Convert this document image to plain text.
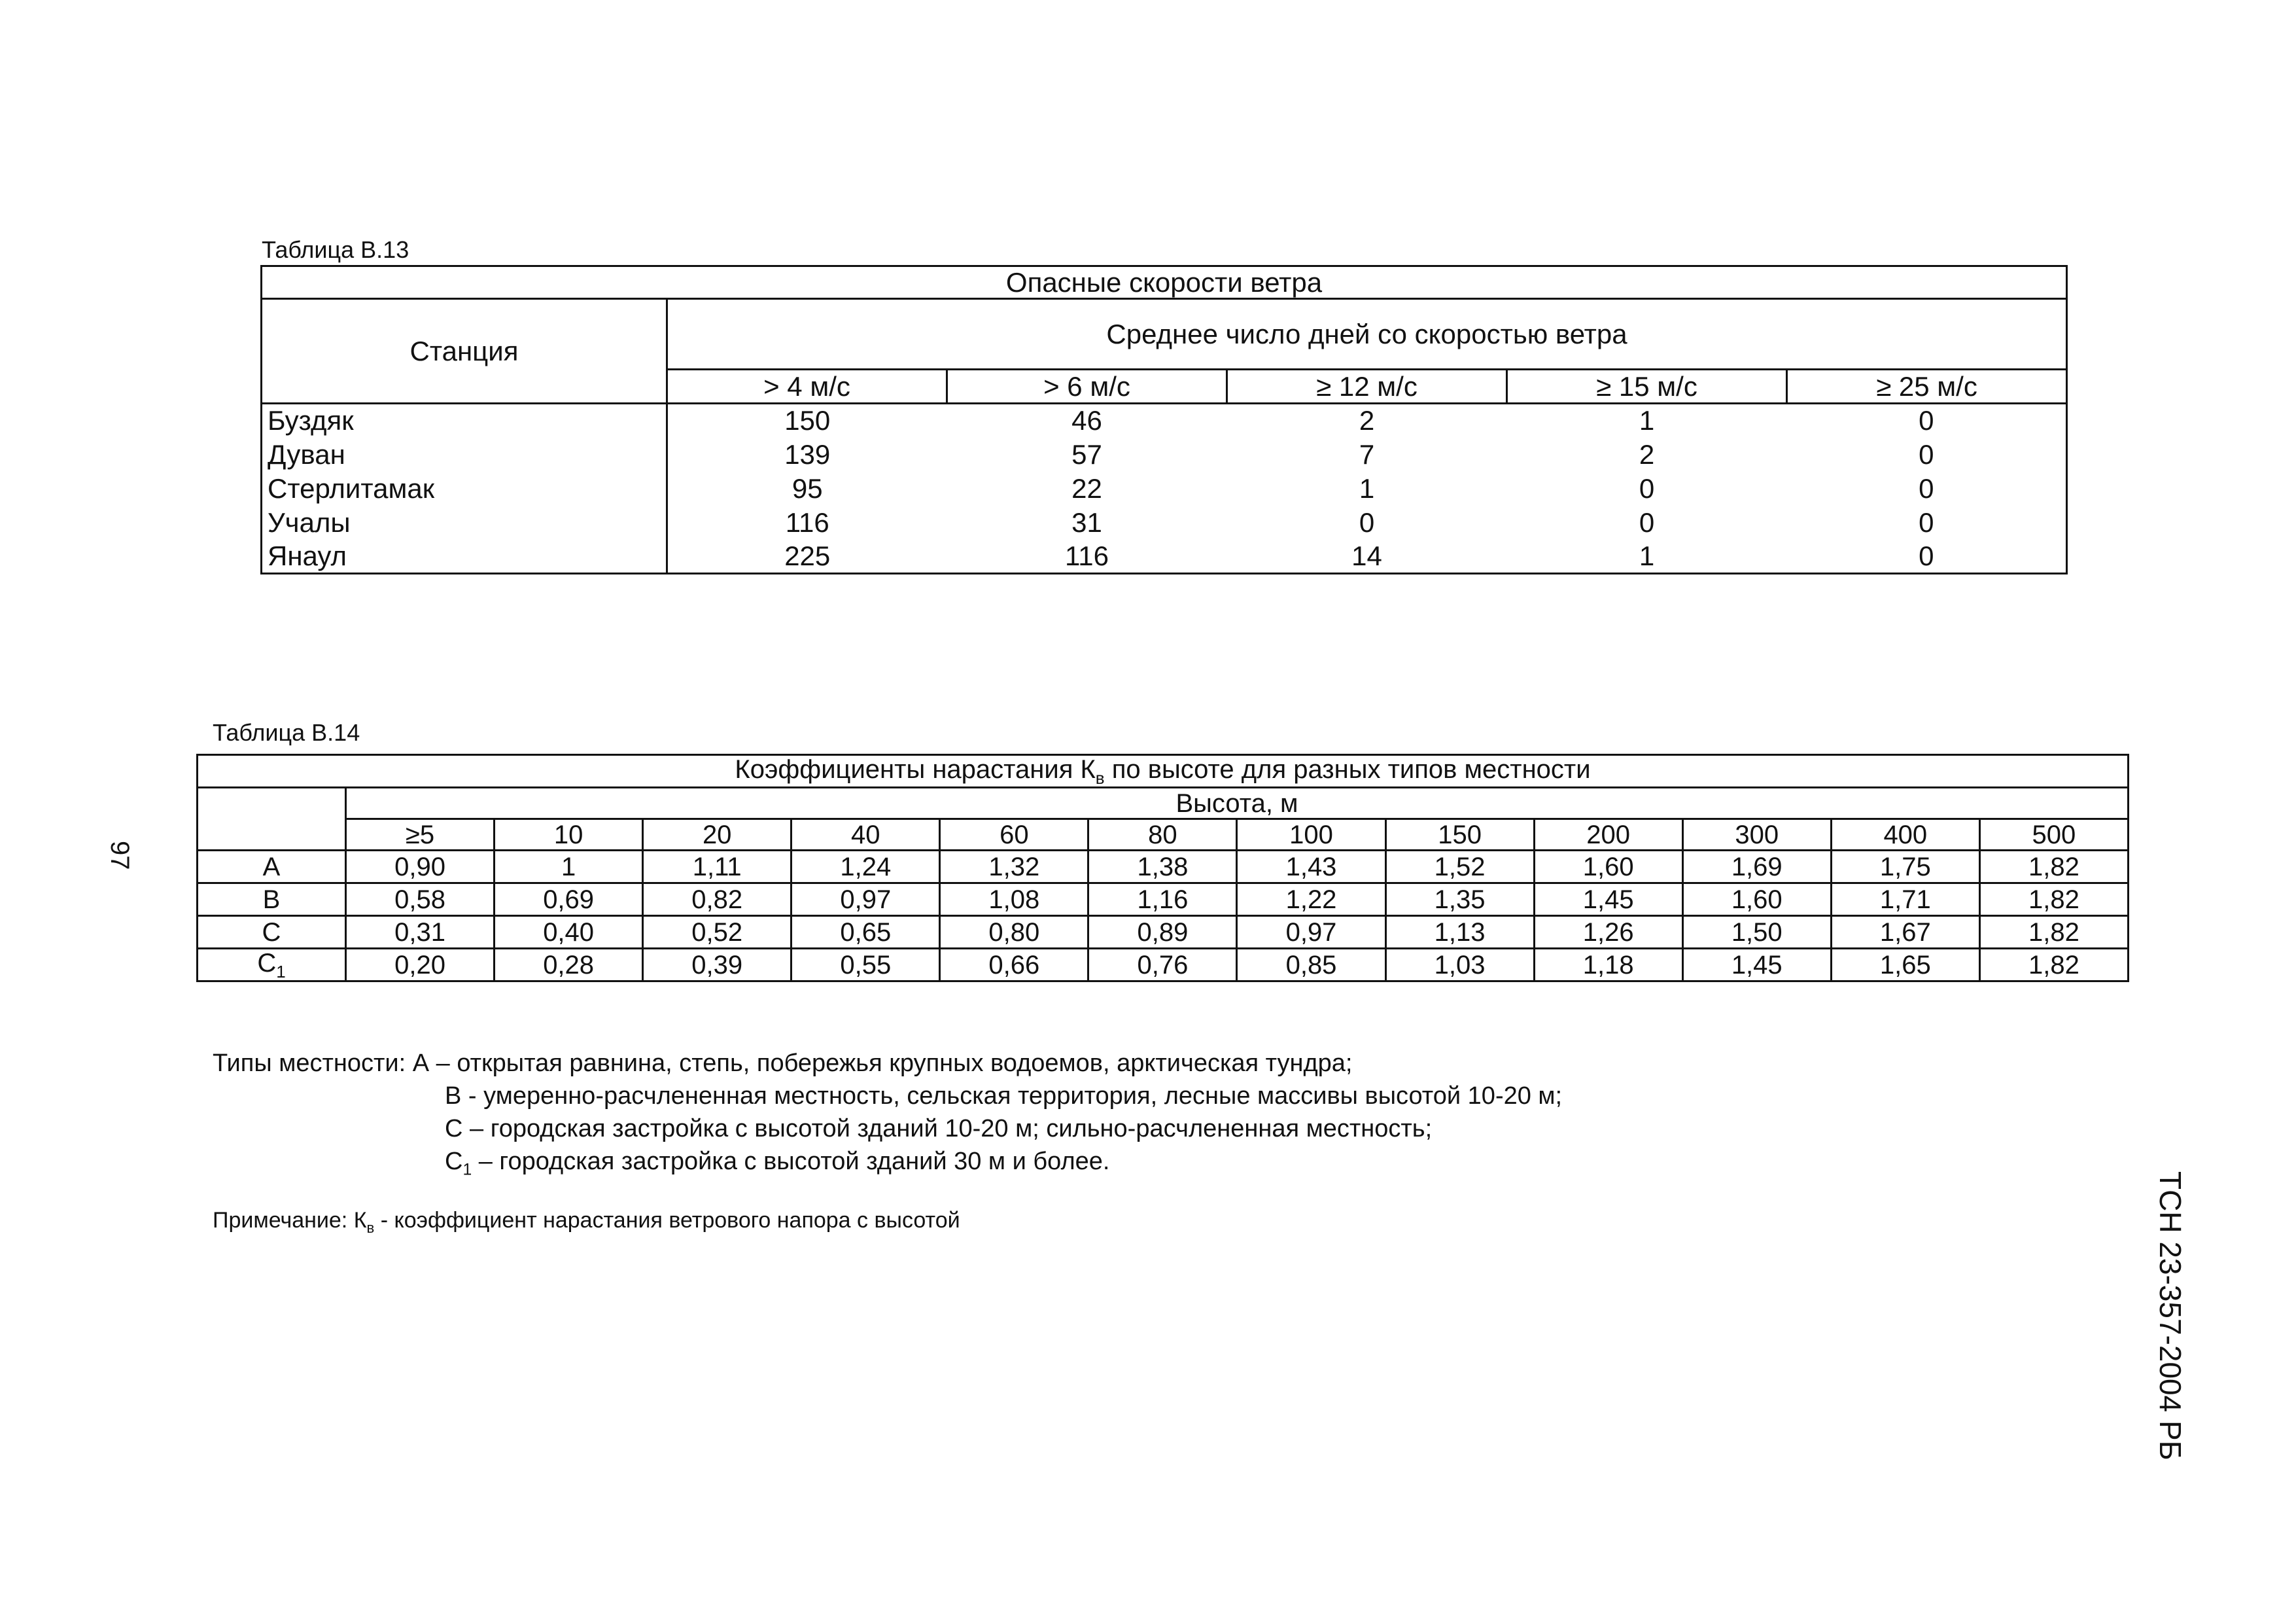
97
ТСН 23-357-2004 РБ
Таблица В.13
Опасные скорости ветра					
Станция	Среднее число дней со скоростью ветра				
	> 4 м/с	> 6 м/с	≥ 12 м/с	≥ 15 м/с	≥ 25 м/с
Буздяк	150	46	2	1	0
Дуван	139	57	7	2	0
Стерлитамак	95	22	1	0	0
Учалы	116	31	0	0	0
Янаул	225	116	14	1	0
Таблица В.14
Коэффициенты нарастания $К_в$ по высоте для разных типов местности												
	Высота, м											
	≥5	10	20	40	60	80	100	150	200	300	400	500
A	0,90	1	1,11	1,24	1,32	1,38	1,43	1,52	1,60	1,69	1,75	1,82
B	0,58	0,69	0,82	0,97	1,08	1,16	1,22	1,35	1,45	1,60	1,71	1,82
C	0,31	0,40	0,52	0,65	0,80	0,89	0,97	1,13	1,26	1,50	1,67	1,82
$C_1$	0,20	0,28	0,39	0,55	0,66	0,76	0,85	1,03	1,18	1,45	1,65	1,82
Типы местности: А – открытая равнина, степь, побережья крупных водоемов, арктическая тундра;
В - умеренно-расчлененная местность, сельская территория, лесные массивы высотой 10-20 м;
С – городская застройка с высотой зданий 10-20 м; сильно-расчлененная местность;
$С_1$ – городская застройка с высотой зданий 30 м и более.
Примечание: $К_в$ - коэффициент нарастания ветрового напора с высотой
